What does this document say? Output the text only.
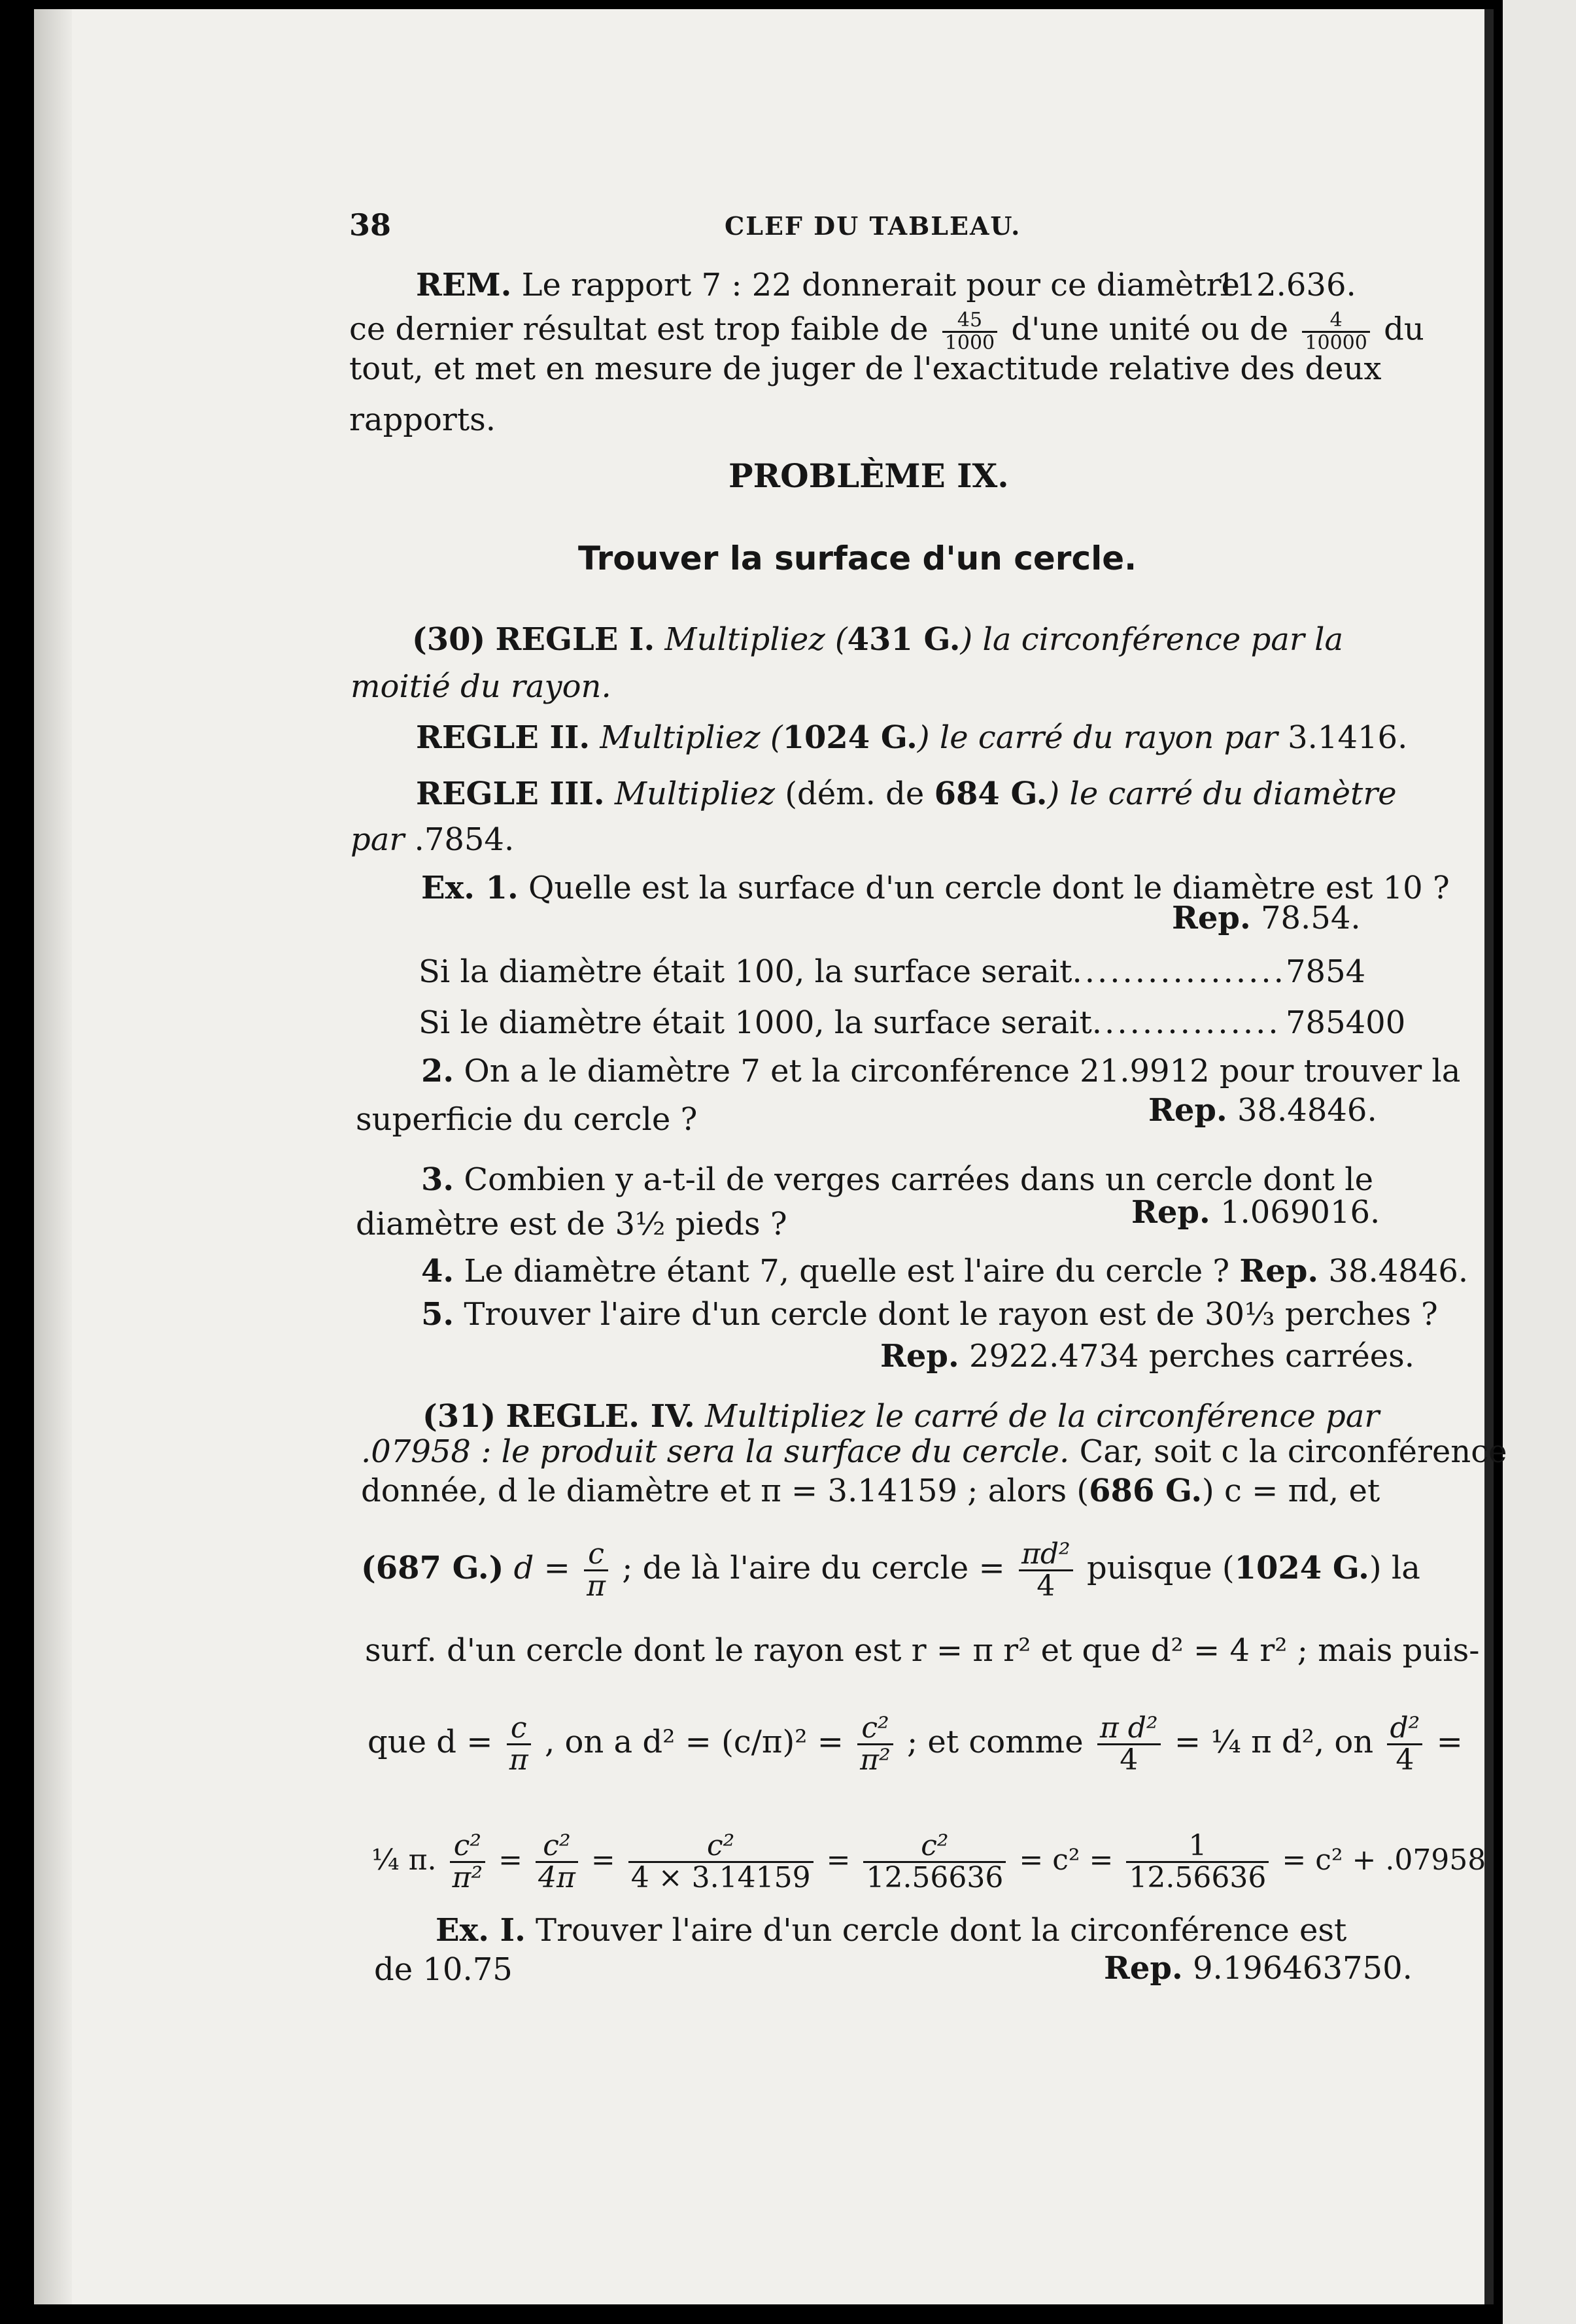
38	CLEF DU TABLEAU.
REM. Le rapport 7 : 22 donnerait pour ce diamètre
112.636.
ce dernier résultat est trop faible de $\frac{45}{1000} d'une$ unité ou de $\frac{4}{10000}$ du
tout, et met en mesure de juger de l'exactitude relative des deux
rapports.
PROBLÈME IX.
Trouver la surface d'un cercle.
(30) REGLE I. Multipliez (431 G.) la circonférence par la
moitié du rayon.
REGLE II. Multipliez (1024 G.) le carré du rayon par 3.1416.
REGLE III. Multipliez (dém. de 684 G.) le carré du diamètre
par .7854.
Ex. 1. Quelle est la surface d'un cercle dont le diamètre est 10 ?
Rep. 78.54.
Si la diamètre était 100, la surface serait................. 7854
Si le diamètre était 1000, la surface serait............... 785400
2. On a le diamètre 7 et la circonférence 21.9912 pour trouver la
superficie du cercle ?	Rep. 38.4846.
3. Combien y a-t-il de verges carrées dans un cercle dont le
diamètre est de 3½ pieds ?	Rep. 1.069016.
4. Le diamètre étant 7, quelle est l'aire du cercle ? Rep. 38.4846.
5. Trouver l'aire d'un cercle dont le rayon est de 30⅓ perches ?
Rep. 2922.4734 perches carrées.
(31) REGLE. IV. Multipliez le carré de la circonférence par
.07958 : le produit sera la surface du cercle. Car, soit c la circonférence
donnée, d le diamètre et π = 3.14159 ; alors (686 G.) c = πd, et
(687 G.) $d = \frac{c}{\pi}$ ; de là l'aire du cercle = $\frac{\text{πd²}}{4}$ puisque (1024 G.) la
surf. d'un cercle dont le rayon est r = π r² et que d² = 4 r² ; mais puis-
que $d = \frac{c}{\pi}$ , on a $d^2 = (c/\pi)^2 = \frac{\text{c²}}{\text{π²}}$ ; et comme $\frac{\text{π d²}}{4}$ = ¼ π d², on $\frac{\text{d²}}{4}$ =
¼ π. $\frac{\text{c²}}{\text{π²}} = \frac{\text{c²}}{4\pi} = \frac{\text{c²}}{4 \times 3.14159} = \frac{\text{c²}}{12.56636} = c^2 = \frac{1}{12.56636} = c^2 + .07958$
Ex. I. Trouver l'aire d'un cercle dont la circonférence est
de 10.75	Rep. 9.196463750.
